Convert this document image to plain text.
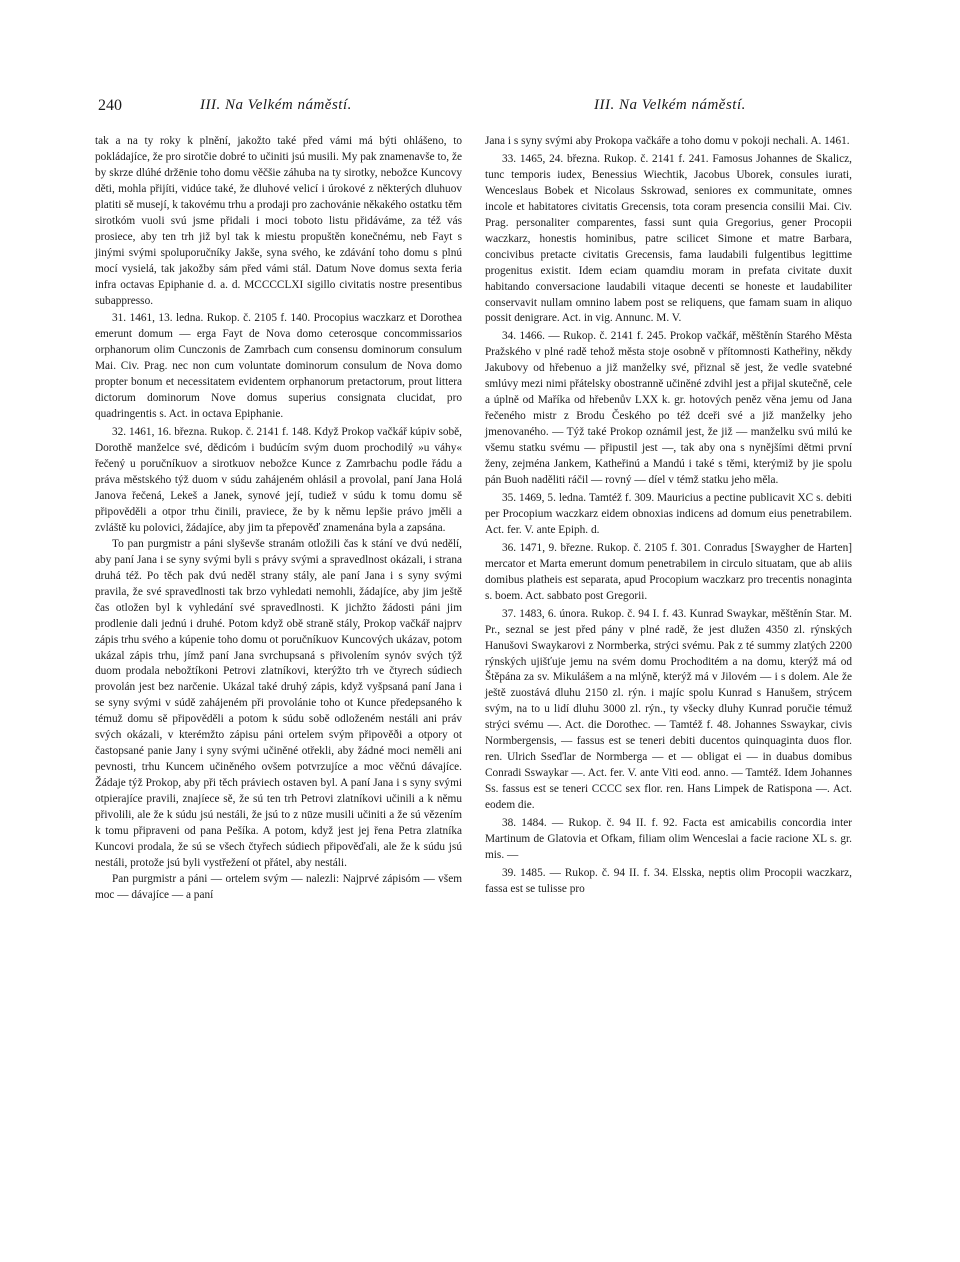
240	III. Na Velkém náměstí.	III. Na Velkém náměstí.

tak a na ty roky k plnění, jakožto také před vámi má býti ohlášeno, to pokládajíce, že pro sirotčie dobré to učiniti jsú musili. My pak znamenavše to, že by skrze dlúhé držēnie toho domu věčšie záhuba na ty sirotky, nebožce Kuncovy děti, mohla přijíti, vidúce také, že dluhové velicí i úrokové z některých dluhuov platiti sě musejí, k takovému trhu a prodaji pro zachovánie někakého ostatku těm sirotkóm vuoli svú jsme přidali i moci toboto listu přidáváme, za též vás prosiece, aby ten trh již byl tak k miestu propuštěn konečnému, neb Fayt s jinými svými spoluporučníky Jakše, syna svého, ke zdávání toho domu s plnú mocí vysielá, tak jakožby sám před vámi stál. Datum Nove domus sexta feria infra octavas Epiphanie d. a. d. MCCCCLXI sigillo civitatis nostre presentibus subappresso.

31. 1461, 13. ledna. Rukop. č. 2105 f. 140. Procopius waczkarz et Dorothea emerunt domum — erga Fayt de Nova domo ceterosque concommissarios orphanorum olim Cunczonis de Zamrbach cum consensu dominorum consulum Mai. Civ. Prag. nec non cum voluntate dominorum consulum de Nova domo propter bonum et necessitatem evidentem orphanorum pretactorum, prout littera dictorum dominorum Nove domus superius consignata clucidat, pro quadringentis s. Act. in octava Epiphanie.

32. 1461, 16. března. Rukop. č. 2141 f. 148. Když Prokop vačkář kúpiv sobě, Dorothě manželce své, dědicóm i budúcím svým duom prochodilý »u váhy« řečený u poručníkuov a sirotkuov nebožce Kunce z Zamrbachu podle řádu a práva městského týž duom v súdu zahájeném ohlásil a provolal, paní Jana Holá Janova řečená, Lekeš a Janek, synové její, tudiež v súdu k tomu domu sě připověděli a otpor trhu činili, praviece, že by k němu lepšie právo jměli a zvláště ku polovici, žádajíce, aby jim ta přepověď znamenána byla a zapsána.

To pan purgmistr a páni slyševše stranám otložili čas k stání ve dvú nedělí, aby paní Jana i se syny svými byli s právy svými a spravedlnost okázali, i strana druhá též. Po těch pak dvú neděl strany stály, ale paní Jana i s syny svými pravila, že své spravedlnosti tak brzo vyhledati nemohli, žádajíce, aby jim ještě čas otložen byl k vyhledání své spravedlnosti. K jichžto žádosti páni jim prodlenie dali jednú i druhé. Potom když obě straně stály, Prokop vačkář najprv zápis trhu svého a kúpenie toho domu ot poručníkuov Kuncových ukázav, potom ukázal zápis trhu, jímž paní Jana svrchupsaná s přivolením synóv svých týž duom prodala nebožtíkoni Petrovi zlatníkovi, kterýžto trh ve čtyrech súdiech provolán jest bez narčenie. Ukázal také druhý zápis, když vyšpsaná paní Jana i se syny svými v súdě zahájeném při provolánie toho ot Kunce předepsaného k témuž domu sě připověděli a potom k súdu sobě odloženém nestáli ani práv svých okázali, v kterémžto zápisu páni ortelem svým připověði a otpory ot častopsané panie Jany i syny svými učiněné otřekli, aby žádné moci neměli ani pevnosti, trhu Kuncem učiněného ovšem potvrzujíce a moc věčnú dávajíce. Žádaje týž Prokop, aby při těch práviech ostaven byl. A paní Jana i s syny svými otpierajíce pravili, znajíece sě, že sú ten trh Petrovi zlatníkovi učinili a k němu přivolili, ale že k súdu jsú nestáli, že jsú to z nūze musili učiniti a že sú vězením k tomu připraveni od pana Pešíka. A potom, když jest jej řena Petra zlatníka Kuncovi prodala, že sú se všech čtyřech súdiech připověďali, ale že k súdu jsú nestáli, protože jsú byli vystřežení ot přátel, aby nestáli.

Pan purgmistr a páni — ortelem svým — nalezli: Najprvé zápisóm — všem moc — dávajíce — a paní

Jana i s syny svými aby Prokopa vačkáře a toho domu v pokoji nechali. A. 1461.

33. 1465, 24. března. Rukop. č. 2141 f. 241. Famosus Johannes de Skalicz, tunc temporis iudex, Benessius Wiechtik, Jacobus Uborek, consules iurati, Wenceslaus Bobek et Nicolaus Sskrowad, seniores ex communitate, omnes incole et habitatores civitatis Grecensis, tota coram presencia consilii Mai. Civ. Prag. personaliter comparentes, fassi sunt quia Gregorius, gener Procopii waczkarz, honestis hominibus, patre scilicet Simone et matre Barbara, concivibus pretacte civitatis Grecensis, fama laudabili fulgentibus legittime progenitus existit. Idem eciam quamdiu moram in prefata civitate duxit habitando conversacione laudabili vitaque decenti se honeste et laudabiliter conservavit nullam omnino labem post se reliquens, que famam suam in aliquo possit denigrare. Act. in vig. Annunc. M. V.

34. 1466. — Rukop. č. 2141 f. 245. Prokop vačkář, měštěnín Starého Města Pražského v plné radě tehož města stoje osobně v přítomnosti Katheřiny, někdy Jakubovy od hřebenuo a již manželky své, přiznal sě jest, že vedle svatebné smlúvy mezi nimi přátelsky obostranně učiněné zdvihl jest a přijal skutečně, cele a úplně od Maříka od hřebenův LXX k. gr. hotových peněz věna jemu od Jana řečeného mistr z Brodu Českého po též dceři své a již manželky jeho jmenovaného. — Týž také Prokop oznámil jest, že již — manželku svú milú ke všemu statku svému — připustil jest —, tak aby ona s nynějšími dětmi první ženy, zejména Jankem, Katheřinú a Mandú i také s těmi, kterýmiž by jie spolu pán Buoh naděliti ráčil — rovný — díel v témž statku jeho měla.

35. 1469, 5. ledna. Tamtéž f. 309. Mauricius a pectine publicavit XC s. debiti per Procopium waczkarz eidem obnoxias indicens ad domum eius penetrabilem. Act. fer. V. ante Epiph. d.

36. 1471, 9. březne. Rukop. č. 2105 f. 301. Conradus [Swaygher de Harten] mercator et Marta emerunt domum penetrabilem in circulo situatam, que ab aliis domibus platheis est separata, apud Procopium waczkarz pro trecentis nonaginta s. boem. Act. sabbato post Gregorii.

37. 1483, 6. února. Rukop. č. 94 I. f. 43. Kunrad Swaykar, měštěnín Star. M. Pr., seznal se jest před pány v plné radě, že jest dlužen 4350 zl. rýnských Hanušovi Swaykarovi z Normberka, strýci svému. Pak z té summy zlatých 2200 rýnských ujišťuje jemu na svém domu Prochoditém a na domu, kterýž má od Štěpána za sv. Mikulášem a na mlýně, kterýž má v Jilovém — i s dolem. Ale že ještě zuostává dluhu 2150 zl. rýn. i majíc spolu Kunrad s Hanušem, strýcem svým, na to u lidí dluhu 3000 zl. rýn., ty všecky dluhy Kunrad poručie témuž strýci svému —. Act. die Dorothec. — Tamtéž f. 48. Johannes Sswaykar, civis Normbergensis, — fassus est se teneri debiti ducentos quinquaginta duos flor. ren. Ulrich Sseďlar de Normberga — et — obligat ei — in duabus domibus Conradi Sswaykar —. Act. fer. V. ante Viti eod. anno. — Tamtéž. Idem Johannes Ss. fassus est se teneri CCCC sex flor. ren. Hans Limpek de Ratispona —. Act. eodem die.

38. 1484. — Rukop. č. 94 II. f. 92. Facta est amicabilis concordia inter Martinum de Glatovia et Ofkam, filiam olim Wenceslai a facie racione XL s. gr. mis. —

39. 1485. — Rukop. č. 94 II. f. 34. Elsska, neptis olim Procopii waczkarz, fassa est se tulisse pro
